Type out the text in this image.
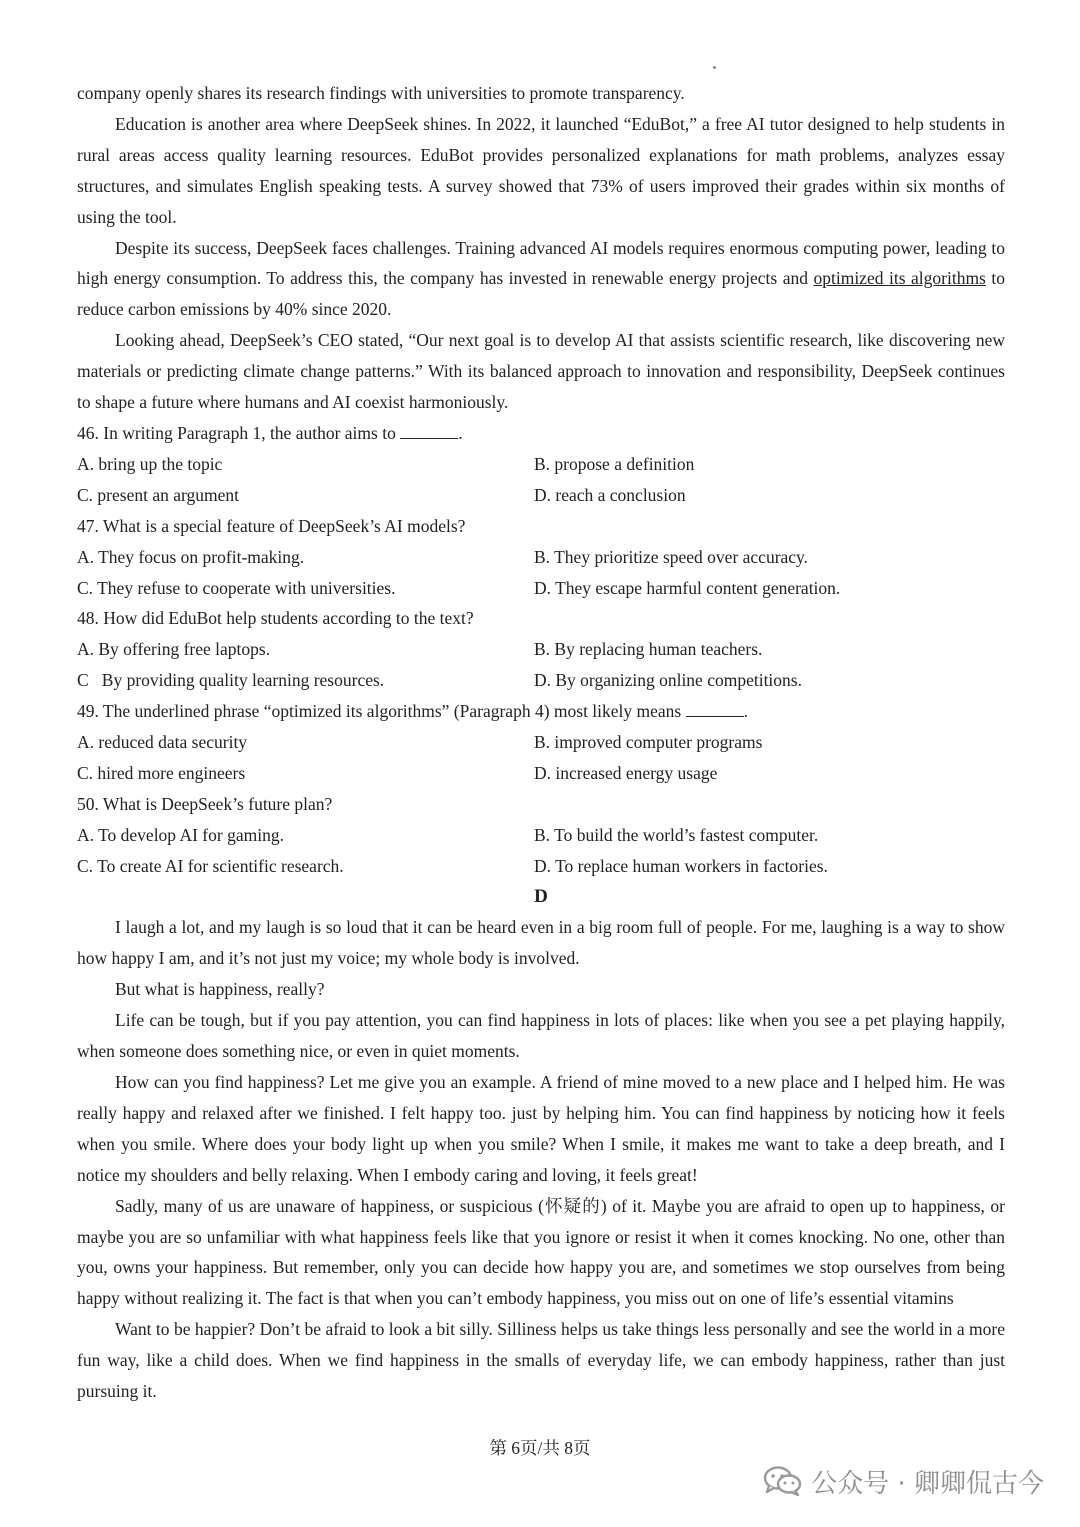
company openly shares its research findings with universities to promote transparency.

Education is another area where DeepSeek shines. In 2022, it launched “EduBot,” a free AI tutor designed to help students in rural areas access quality learning resources. EduBot provides personalized explanations for math problems, analyzes essay structures, and simulates English speaking tests. A survey showed that 73% of users improved their grades within six months of using the tool.

Despite its success, DeepSeek faces challenges. Training advanced AI models requires enormous computing power, leading to high energy consumption. To address this, the company has invested in renewable energy projects and optimized its algorithms to reduce carbon emissions by 40% since 2020.

Looking ahead, DeepSeek’s CEO stated, “Our next goal is to develop AI that assists scientific research, like discovering new materials or predicting climate change patterns.” With its balanced approach to innovation and responsibility, DeepSeek continues to shape a future where humans and AI coexist harmoniously.

46. In writing Paragraph 1, the author aims to	.

A. bring up the topic	B. propose a definition
C. present an argument	D. reach a conclusion

47. What is a special feature of DeepSeek’s AI models?

A. They focus on profit-making.	B. They prioritize speed over accuracy.
C. They refuse to cooperate with universities.	D. They escape harmful content generation.

48. How did EduBot help students according to the text?

A. By offering free laptops.	B. By replacing human teachers.
C   By providing quality learning resources.	D. By organizing online competitions.

49. The underlined phrase “optimized its algorithms” (Paragraph 4) most likely means	.

A. reduced data security	B. improved computer programs
C. hired more engineers	D. increased energy usage

50. What is DeepSeek’s future plan?

A. To develop AI for gaming.	B. To build the world’s fastest computer.
C. To create AI for scientific research.	D. To replace human workers in factories.

D

I laugh a lot, and my laugh is so loud that it can be heard even in a big room full of people. For me, laughing is a way to show how happy I am, and it’s not just my voice; my whole body is involved.

But what is happiness, really?

Life can be tough, but if you pay attention, you can find happiness in lots of places: like when you see a pet playing happily, when someone does something nice, or even in quiet moments.

How can you find happiness? Let me give you an example. A friend of mine moved to a new place and I helped him. He was really happy and relaxed after we finished. I felt happy too. just by helping him. You can find happiness by noticing how it feels when you smile. Where does your body light up when you smile? When I smile, it makes me want to take a deep breath, and I notice my shoulders and belly relaxing. When I embody caring and loving, it feels great!

Sadly, many of us are unaware of happiness, or suspicious (怀疑的) of it. Maybe you are afraid to open up to happiness, or maybe you are so unfamiliar with what happiness feels like that you ignore or resist it when it comes knocking. No one, other than you, owns your happiness. But remember, only you can decide how happy you are, and sometimes we stop ourselves from being happy without realizing it. The fact is that when you can’t embody happiness, you miss out on one of life’s essential vitamins

Want to be happier? Don’t be afraid to look a bit silly. Silliness helps us take things less personally and see the world in a more fun way, like a child does. When we find happiness in the smalls of everyday life, we can embody happiness, rather than just pursuing it.

第 6页/共 8页
公众号 · 卿卿侃古今
